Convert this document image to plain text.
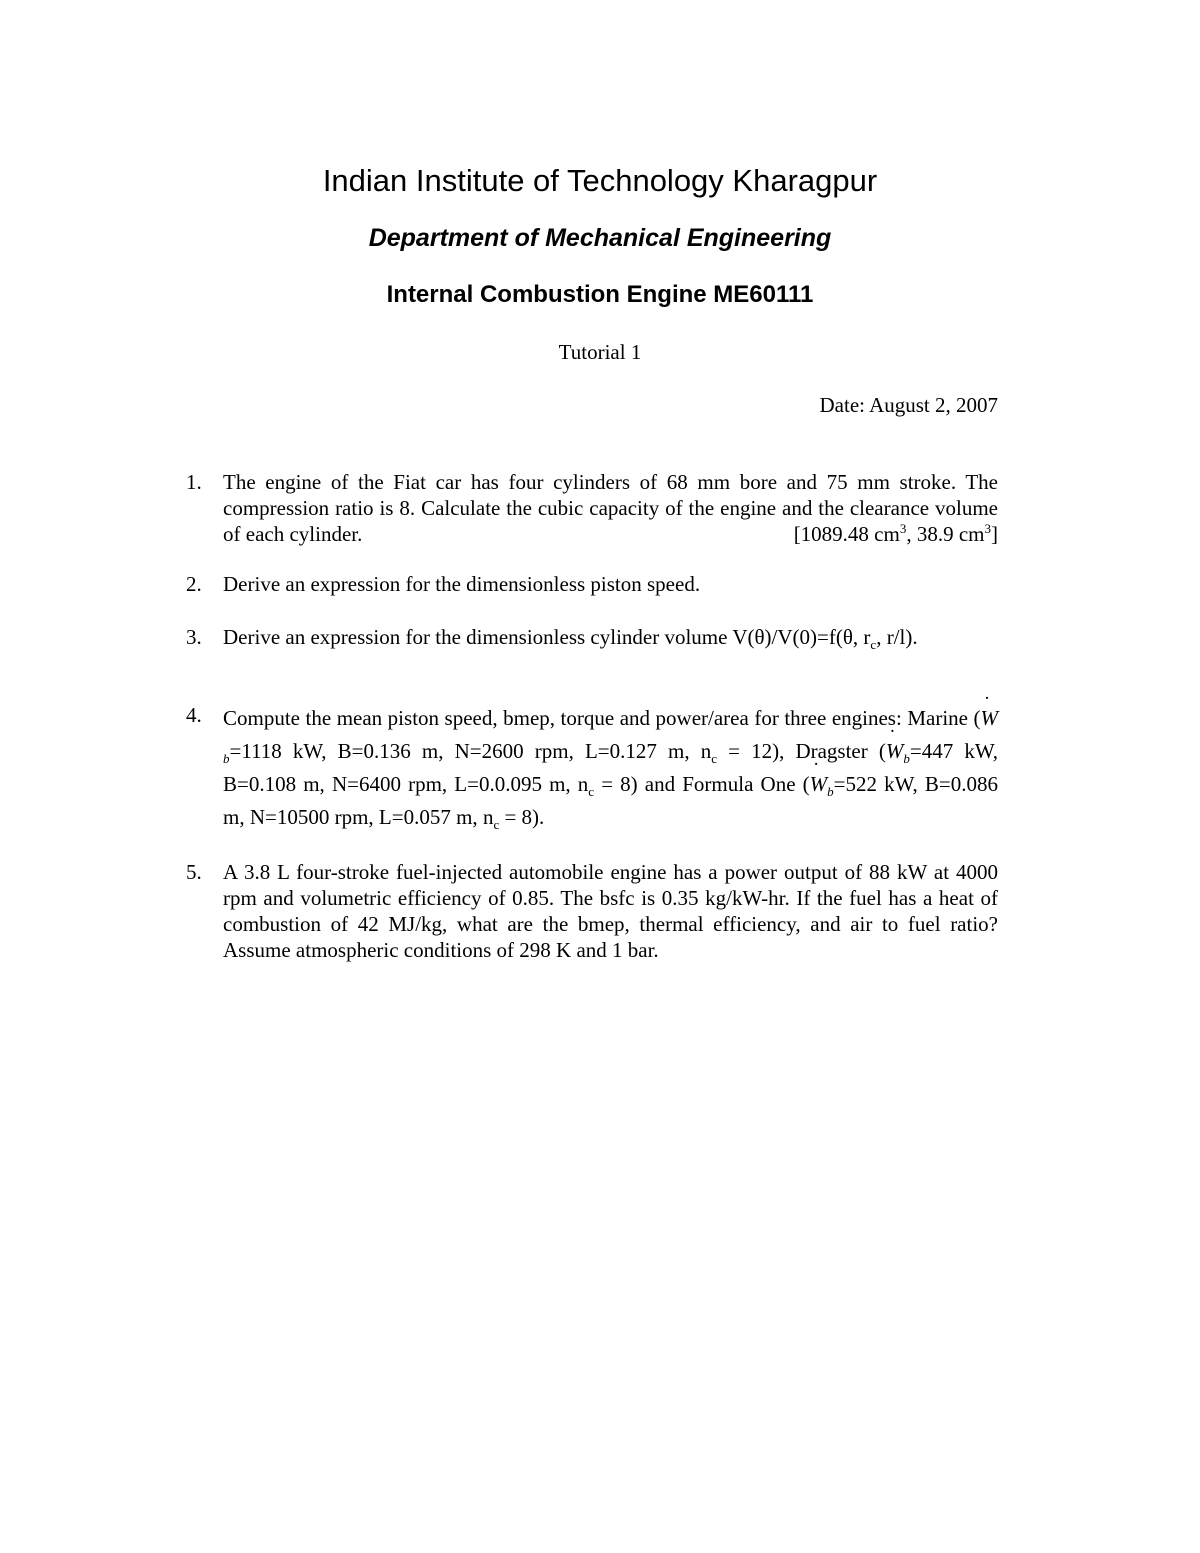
Indian Institute of Technology Kharagpur
Department of Mechanical Engineering
Internal Combustion Engine ME60111
Tutorial 1
Date: August 2, 2007
1. The engine of the Fiat car has four cylinders of 68 mm bore and 75 mm stroke. The compression ratio is 8. Calculate the cubic capacity of the engine and the clearance volume of each cylinder.	[1089.48 $cm^3$, 38.9 $cm^3$]
2. Derive an expression for the dimensionless piston speed.
3. Derive an expression for the dimensionless cylinder volume V(θ)/V(0)=f(θ, $r_c$, r/l).
4. Compute the mean piston speed, bmep, torque and power/area for three engines: Marine (˙ $W_b=1118$ kW, B=0.136 m, N=2600 rpm, L=0.127 m, $n_c = 12$), Dragster (˙ $W_b=447$ kW, B=0.108 m, N=6400 rpm, L=0.0.095 m, $n_c = 8$) and Formula One (˙ $W_b=522$ kW, B=0.086 m, N=10500 rpm, L=0.057 m, $n_c = 8$).
5. A 3.8 L four-stroke fuel-injected automobile engine has a power output of 88 kW at 4000 rpm and volumetric efficiency of 0.85. The bsfc is 0.35 kg/kW-hr. If the fuel has a heat of combustion of 42 MJ/kg, what are the bmep, thermal efficiency, and air to fuel ratio? Assume atmospheric conditions of 298 K and 1 bar.
